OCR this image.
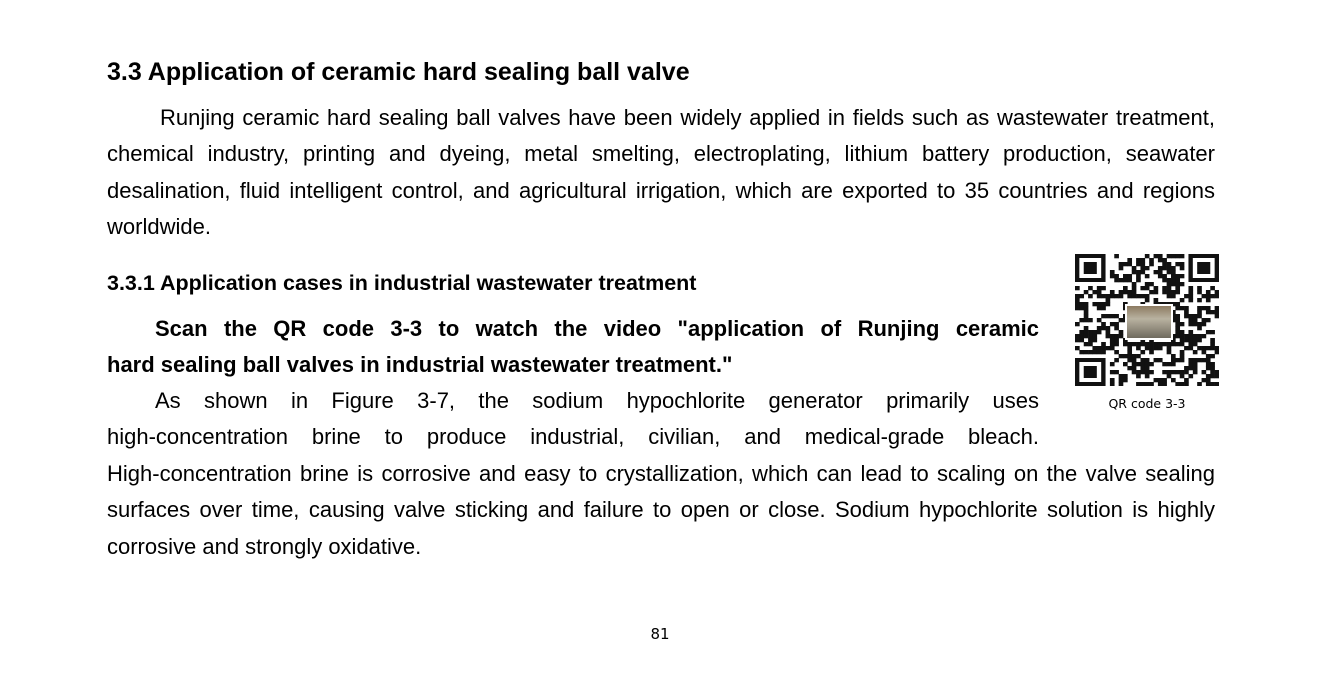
3.3 Application of ceramic hard sealing ball valve

Runjing ceramic hard sealing ball valves have been widely applied in fields such as wastewater treatment, chemical industry, printing and dyeing, metal smelting, electroplating, lithium battery production, seawater desalination, fluid intelligent control, and agricultural irrigation, which are exported to 35 countries and regions worldwide.

3.3.1 Application cases in industrial wastewater treatment

Scan the QR code 3-3 to watch the video "application of Runjing ceramic
hard sealing ball valves in industrial wastewater treatment."

As shown in Figure 3-7, the sodium hypochlorite generator primarily uses
high-concentration brine to produce industrial, civilian, and medical-grade bleach.

High-concentration brine is corrosive and easy to crystallization, which can lead to scaling on the valve sealing surfaces over time, causing valve sticking and failure to open or close. Sodium hypochlorite solution is highly corrosive and strongly oxidative.

QR code 3-3

81
